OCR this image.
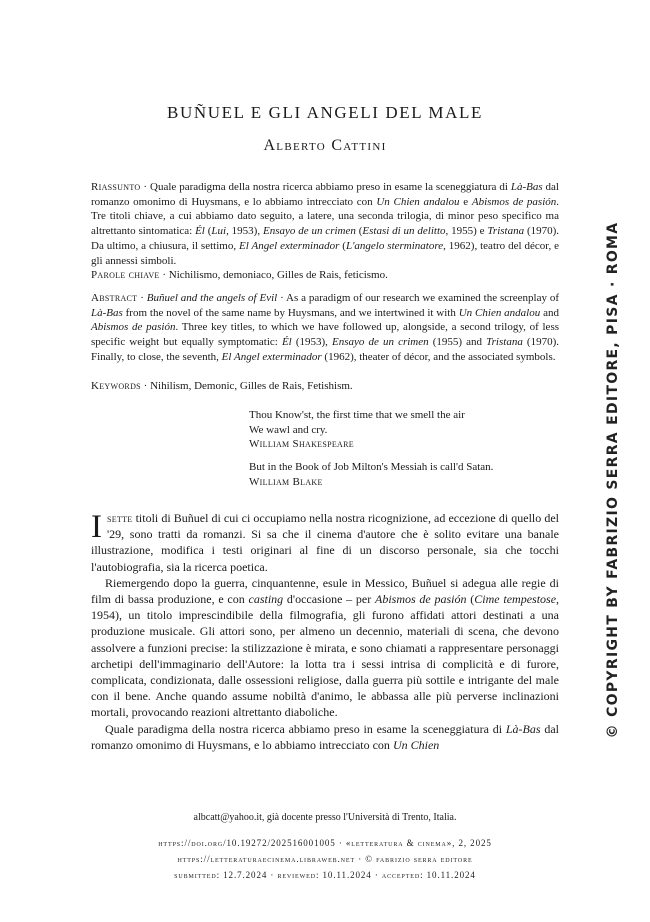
BUÑUEL E GLI ANGELI DEL MALE
Alberto Cattini

Riassunto · Quale paradigma della nostra ricerca abbiamo preso in esame la sceneggiatura di Là-Bas dal romanzo omonimo di Huysmans, e lo abbiamo intrecciato con Un Chien andalou e Abismos de pasión. Tre titoli chiave, a cui abbiamo dato seguito, a latere, una seconda trilogia, di minor peso specifico ma altrettanto sintomatica: Él (Lui, 1953), Ensayo de un crimen (Estasi di un delitto, 1955) e Tristana (1970). Da ultimo, a chiusura, il settimo, El Angel exterminador (L'angelo sterminatore, 1962), teatro del décor, e gli annessi simboli.

Parole chiave · Nichilismo, demoniaco, Gilles de Rais, feticismo.

Abstract · Buñuel and the angels of Evil · As a paradigm of our research we examined the screenplay of Là-Bas from the novel of the same name by Huysmans, and we intertwined it with Un Chien andalou and Abismos de pasión. Three key titles, to which we have followed up, alongside, a second trilogy, of less specific weight but equally symptomatic: Él (1953), Ensayo de un crimen (1955) and Tristana (1970). Finally, to close, the seventh, El Angel exterminador (1962), theater of décor, and the associated symbols.

Keywords · Nihilism, Demonic, Gilles de Rais, Fetishism.

Thou Know'st, the first time that we smell the air
We wawl and cry.
William Shakespeare

But in the Book of Job Milton's Messiah is call'd Satan.
William Blake

Isette titoli di Buñuel di cui ci occupiamo nella nostra ricognizione, ad eccezione di quello del '29, sono tratti da romanzi. Si sa che il cinema d'autore che è solito evitare una banale illustrazione, modifica i testi originari al fine di un discorso personale, sia che tocchi l'autobiografia, sia la ricerca poetica.

Riemergendo dopo la guerra, cinquantenne, esule in Messico, Buñuel si adegua alle regie di film di bassa produzione, e con casting d'occasione – per Abismos de pasión (Cime tempestose, 1954), un titolo imprescindibile della filmografia, gli furono affidati attori destinati a una produzione musicale. Gli attori sono, per almeno un decennio, materiali di scena, che devono assolvere a funzioni precise: la stilizzazione è mirata, e sono chiamati a rappresentare personaggi archetipi dell'immaginario dell'Autore: la lotta tra i sessi intrisa di complicità e di furore, complicata, condizionata, dalle ossessioni religiose, dalla guerra più sottile e intrigante del male con il bene. Anche quando assume nobiltà d'animo, le abbassa alle più perverse inclinazioni mortali, provocando reazioni altrettanto diaboliche.

Quale paradigma della nostra ricerca abbiamo preso in esame la sceneggiatura di Là-Bas dal romanzo omonimo di Huysmans, e lo abbiamo intrecciato con Un Chien

albcatt@yahoo.it, già docente presso l'Università di Trento, Italia.
https://doi.org/10.19272/202516001005 · «letteratura & cinema», 2, 2025
https://letteraturaecinema.libraweb.net · © fabrizio serra editore
submitted: 12.7.2024 · reviewed: 10.11.2024 · accepted: 10.11.2024
© COPYRIGHT BY FABRIZIO SERRA EDITORE, PISA · ROMA
